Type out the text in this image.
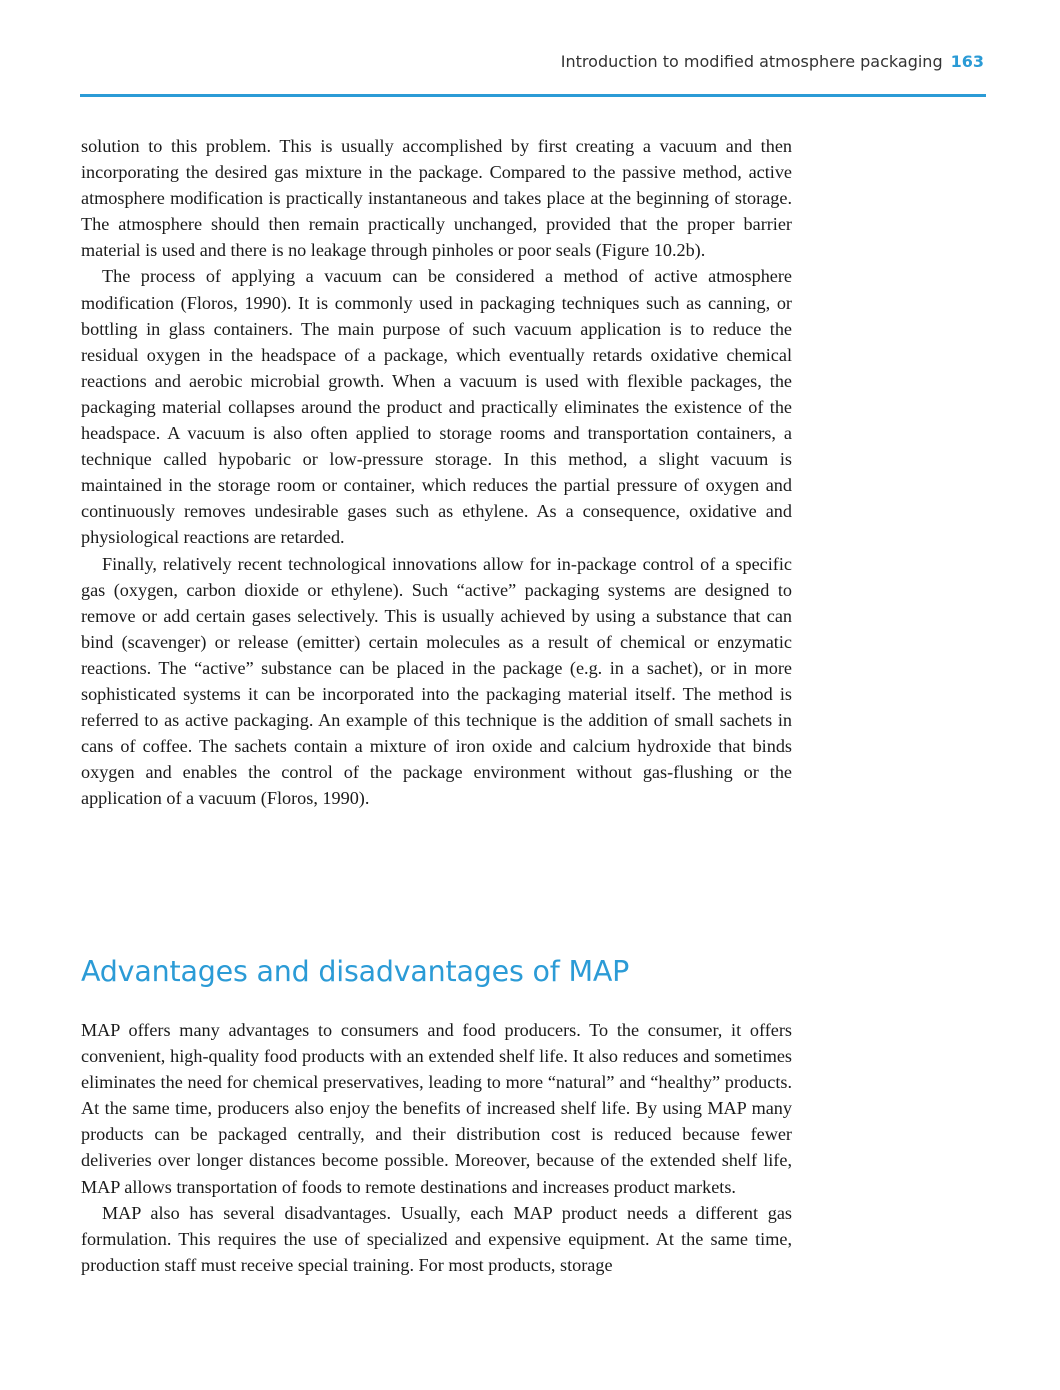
Introduction to modified atmosphere packaging 163

solution to this problem. This is usually accomplished by first creating a vacuum and then incorporating the desired gas mixture in the package. Compared to the passive method, active atmosphere modification is practically instantaneous and takes place at the beginning of storage. The atmosphere should then remain practically unchanged, provided that the proper barrier material is used and there is no leakage through pinholes or poor seals (Figure 10.2b).

The process of applying a vacuum can be considered a method of active atmosphere modification (Floros, 1990). It is commonly used in packaging techniques such as canning, or bottling in glass containers. The main purpose of such vacuum application is to reduce the residual oxygen in the headspace of a package, which eventually retards oxidative chemical reactions and aerobic microbial growth. When a vacuum is used with flexible packages, the packaging material collapses around the product and practically eliminates the existence of the headspace. A vacuum is also often applied to storage rooms and transportation containers, a technique called hypobaric or low-pressure storage. In this method, a slight vacuum is maintained in the storage room or container, which reduces the partial pressure of oxygen and continuously removes undesirable gases such as ethylene. As a consequence, oxidative and physiological reactions are retarded.

Finally, relatively recent technological innovations allow for in-package control of a specific gas (oxygen, carbon dioxide or ethylene). Such “active” packaging systems are designed to remove or add certain gases selectively. This is usually achieved by using a substance that can bind (scavenger) or release (emitter) certain molecules as a result of chemical or enzymatic reactions. The “active” substance can be placed in the package (e.g. in a sachet), or in more sophisticated systems it can be incorporated into the packaging material itself. The method is referred to as active packaging. An example of this technique is the addition of small sachets in cans of coffee. The sachets contain a mixture of iron oxide and calcium hydroxide that binds oxygen and enables the control of the package environment without gas-flushing or the application of a vacuum (Floros, 1990).

Advantages and disadvantages of MAP

MAP offers many advantages to consumers and food producers. To the consumer, it offers convenient, high-quality food products with an extended shelf life. It also reduces and sometimes eliminates the need for chemical preservatives, leading to more “natural” and “healthy” products. At the same time, producers also enjoy the benefits of increased shelf life. By using MAP many products can be packaged centrally, and their distribution cost is reduced because fewer deliveries over longer distances become possible. Moreover, because of the extended shelf life, MAP allows transportation of foods to remote destinations and increases product markets.

MAP also has several disadvantages. Usually, each MAP product needs a different gas formulation. This requires the use of specialized and expensive equipment. At the same time, production staff must receive special training. For most products, storage
